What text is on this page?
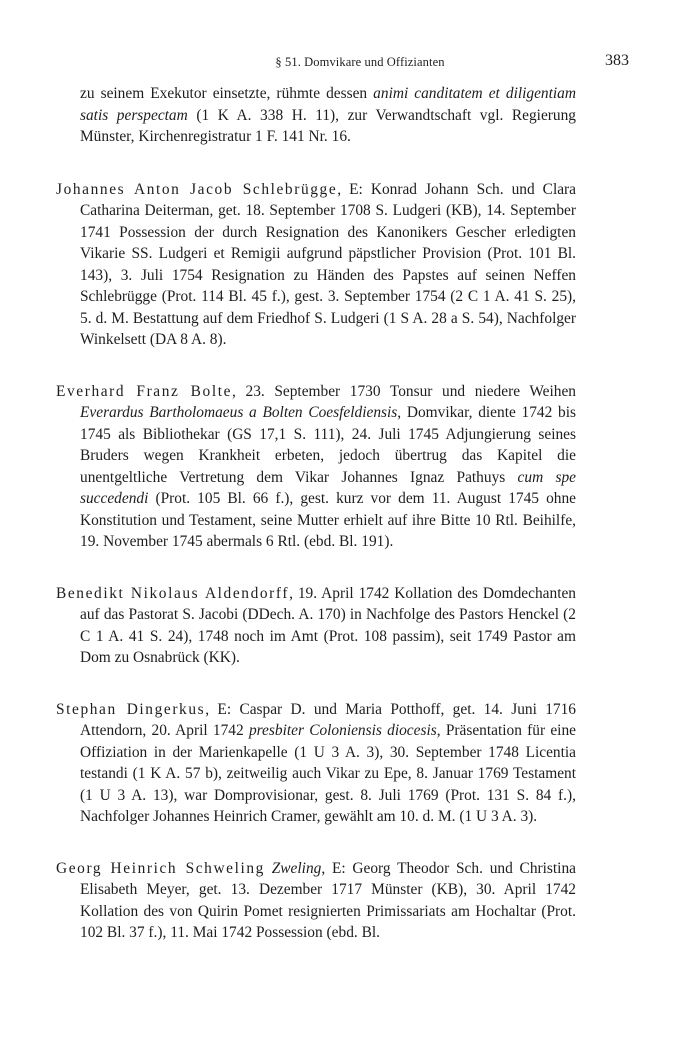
§ 51. Domvikare und Offizianten	383

zu seinem Exekutor einsetzte, rühmte dessen animi canditatem et diligentiam satis perspectam (1 K A. 338 H. 11), zur Verwandtschaft vgl. Regierung Münster, Kirchenregistratur 1 F. 141 Nr. 16.

Johannes Anton Jacob Schlebrügge, E: Konrad Johann Sch. und Clara Catharina Deiterman, get. 18. September 1708 S. Ludgeri (KB), 14. September 1741 Possession der durch Resignation des Kanonikers Gescher erledigten Vikarie SS. Ludgeri et Remigii aufgrund päpstlicher Provision (Prot. 101 Bl. 143), 3. Juli 1754 Resignation zu Händen des Papstes auf seinen Neffen Schlebrügge (Prot. 114 Bl. 45 f.), gest. 3. September 1754 (2 C 1 A. 41 S. 25), 5. d. M. Bestattung auf dem Friedhof S. Ludgeri (1 S A. 28 a S. 54), Nachfolger Winkelsett (DA 8 A. 8).

Everhard Franz Bolte, 23. September 1730 Tonsur und niedere Weihen Everardus Bartholomaeus a Bolten Coesfeldiensis, Domvikar, diente 1742 bis 1745 als Bibliothekar (GS 17,1 S. 111), 24. Juli 1745 Adjungierung seines Bruders wegen Krankheit erbeten, jedoch übertrug das Kapitel die unentgeltliche Vertretung dem Vikar Johannes Ignaz Pathuys cum spe succedendi (Prot. 105 Bl. 66 f.), gest. kurz vor dem 11. August 1745 ohne Konstitution und Testament, seine Mutter erhielt auf ihre Bitte 10 Rtl. Beihilfe, 19. November 1745 abermals 6 Rtl. (ebd. Bl. 191).

Benedikt Nikolaus Aldendorff, 19. April 1742 Kollation des Domdechanten auf das Pastorat S. Jacobi (DDech. A. 170) in Nachfolge des Pastors Henckel (2 C 1 A. 41 S. 24), 1748 noch im Amt (Prot. 108 passim), seit 1749 Pastor am Dom zu Osnabrück (KK).

Stephan Dingerkus, E: Caspar D. und Maria Potthoff, get. 14. Juni 1716 Attendorn, 20. April 1742 presbiter Coloniensis diocesis, Präsentation für eine Offiziation in der Marienkapelle (1 U 3 A. 3), 30. September 1748 Licentia testandi (1 K A. 57 b), zeitweilig auch Vikar zu Epe, 8. Januar 1769 Testament (1 U 3 A. 13), war Domprovisionar, gest. 8. Juli 1769 (Prot. 131 S. 84 f.), Nachfolger Johannes Heinrich Cramer, gewählt am 10. d. M. (1 U 3 A. 3).

Georg Heinrich Schweling Zweling, E: Georg Theodor Sch. und Christina Elisabeth Meyer, get. 13. Dezember 1717 Münster (KB), 30. April 1742 Kollation des von Quirin Pomet resignierten Primissariats am Hochaltar (Prot. 102 Bl. 37 f.), 11. Mai 1742 Possession (ebd. Bl.
